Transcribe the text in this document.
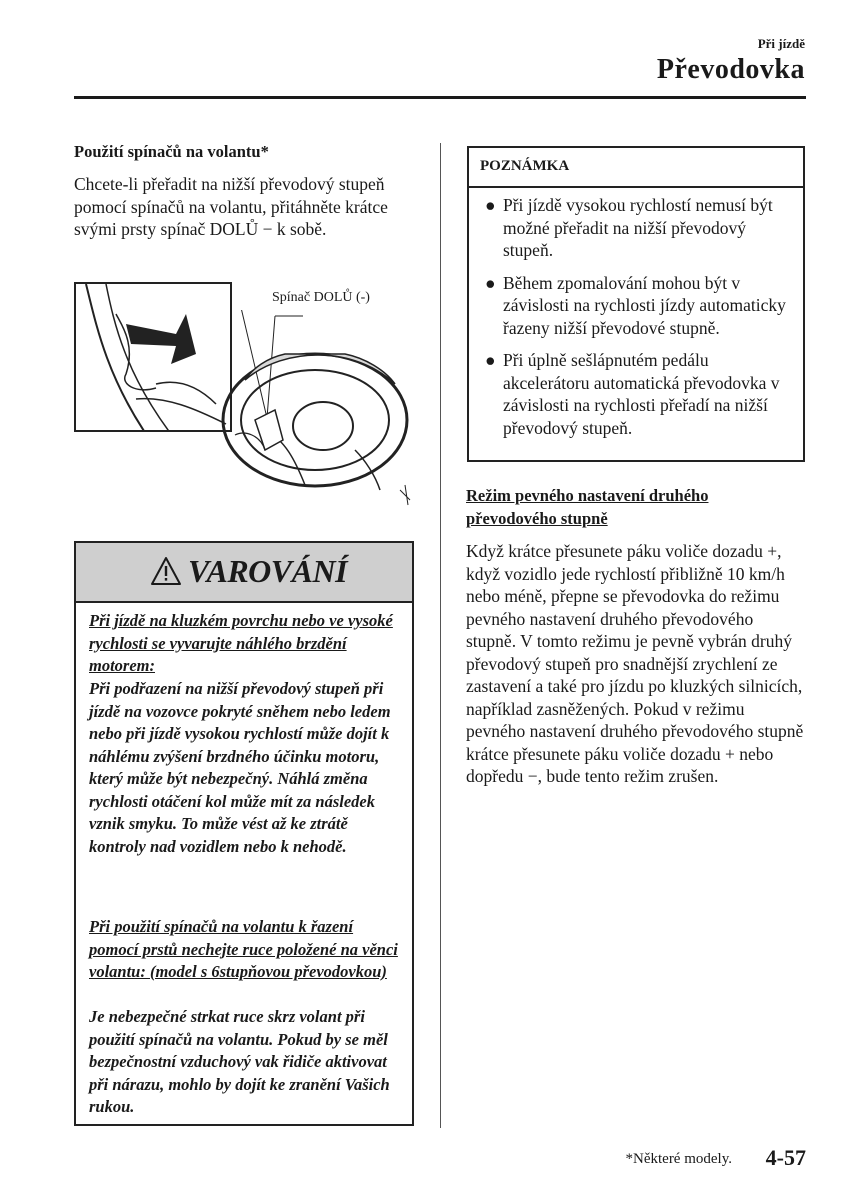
Při jízdě
Převodovka
Použití spínačů na volantu*
Chcete-li přeřadit na nižší převodový stupeň pomocí spínačů na volantu, přitáhněte krátce svými prsty spínač DOLŮ − k sobě.
Spínač DOLŮ (-)
VAROVÁNÍ
Při jízdě na kluzkém povrchu nebo ve vysoké rychlosti se vyvarujte náhlého brzdění motorem:
Při podřazení na nižší převodový stupeň při jízdě na vozovce pokryté sněhem nebo ledem nebo při jízdě vysokou rychlostí může dojít k náhlému zvýšení brzdného účinku motoru, který může být nebezpečný. Náhlá změna rychlosti otáčení kol může mít za následek vznik smyku. To může vést až ke ztrátě kontroly nad vozidlem nebo k nehodě.
Při použití spínačů na volantu k řazení pomocí prstů nechejte ruce položené na věnci volantu: (model s 6stupňovou převodovkou)
Je nebezpečné strkat ruce skrz volant při použití spínačů na volantu. Pokud by se měl bezpečnostní vzduchový vak řidiče aktivovat při nárazu, mohlo by dojít ke zranění Vašich rukou.
POZNÁMKA
● Při jízdě vysokou rychlostí nemusí být možné přeřadit na nižší převodový stupeň.
● Během zpomalování mohou být v závislosti na rychlosti jízdy automaticky řazeny nižší převodové stupně.
● Při úplně sešlápnutém pedálu akcelerátoru automatická převodovka v závislosti na rychlosti přeřadí na nižší převodový stupeň.
Režim pevného nastavení druhého převodového stupně
Když krátce přesunete páku voliče dozadu +, když vozidlo jede rychlostí přibližně 10 km/h nebo méně, přepne se převodovka do režimu pevného nastavení druhého převodového stupně. V tomto režimu je pevně vybrán druhý převodový stupeň pro snadnější zrychlení ze zastavení a také pro jízdu po kluzkých silnicích, například zasněžených. Pokud v režimu pevného nastavení druhého převodového stupně krátce přesunete páku voliče dozadu + nebo dopředu −, bude tento režim zrušen.
*Některé modely.	4-57
